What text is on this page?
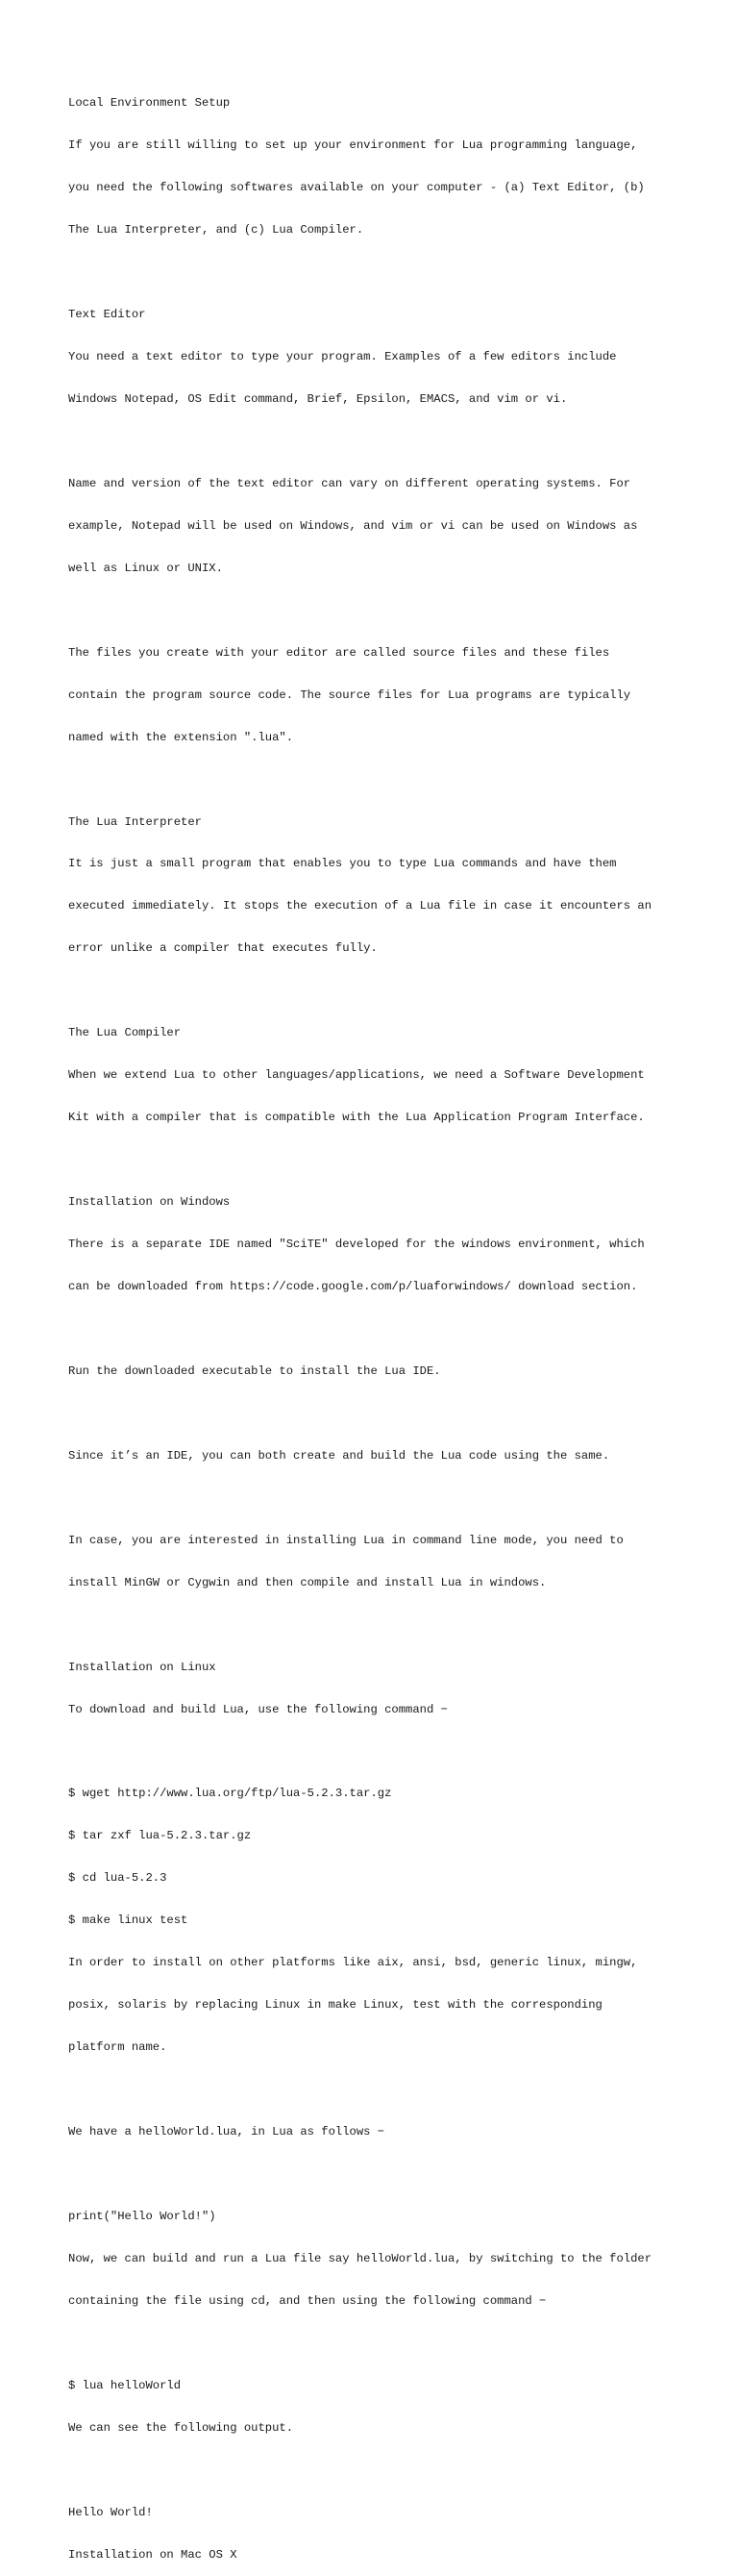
Local Environment Setup

If you are still willing to set up your environment for Lua programming language,

you need the following softwares available on your computer - (a) Text Editor, (b)

The Lua Interpreter, and (c) Lua Compiler.

Text Editor

You need a text editor to type your program. Examples of a few editors include

Windows Notepad, OS Edit command, Brief, Epsilon, EMACS, and vim or vi.

Name and version of the text editor can vary on different operating systems. For

example, Notepad will be used on Windows, and vim or vi can be used on Windows as

well as Linux or UNIX.

The files you create with your editor are called source files and these files

contain the program source code. The source files for Lua programs are typically

named with the extension ".lua".

The Lua Interpreter

It is just a small program that enables you to type Lua commands and have them

executed immediately. It stops the execution of a Lua file in case it encounters an

error unlike a compiler that executes fully.

The Lua Compiler

When we extend Lua to other languages/applications, we need a Software Development

Kit with a compiler that is compatible with the Lua Application Program Interface.

Installation on Windows

There is a separate IDE named "SciTE" developed for the windows environment, which

can be downloaded from https://code.google.com/p/luaforwindows/ download section.

Run the downloaded executable to install the Lua IDE.

Since it’s an IDE, you can both create and build the Lua code using the same.

In case, you are interested in installing Lua in command line mode, you need to

install MinGW or Cygwin and then compile and install Lua in windows.

Installation on Linux

To download and build Lua, use the following command −

$ wget http://www.lua.org/ftp/lua-5.2.3.tar.gz

$ tar zxf lua-5.2.3.tar.gz

$ cd lua-5.2.3

$ make linux test

In order to install on other platforms like aix, ansi, bsd, generic linux, mingw,

posix, solaris by replacing Linux in make Linux, test with the corresponding

platform name.

We have a helloWorld.lua, in Lua as follows −

print("Hello World!")

Now, we can build and run a Lua file say helloWorld.lua, by switching to the folder

containing the file using cd, and then using the following command −

$ lua helloWorld

We can see the following output.

Hello World!

Installation on Mac OS X
